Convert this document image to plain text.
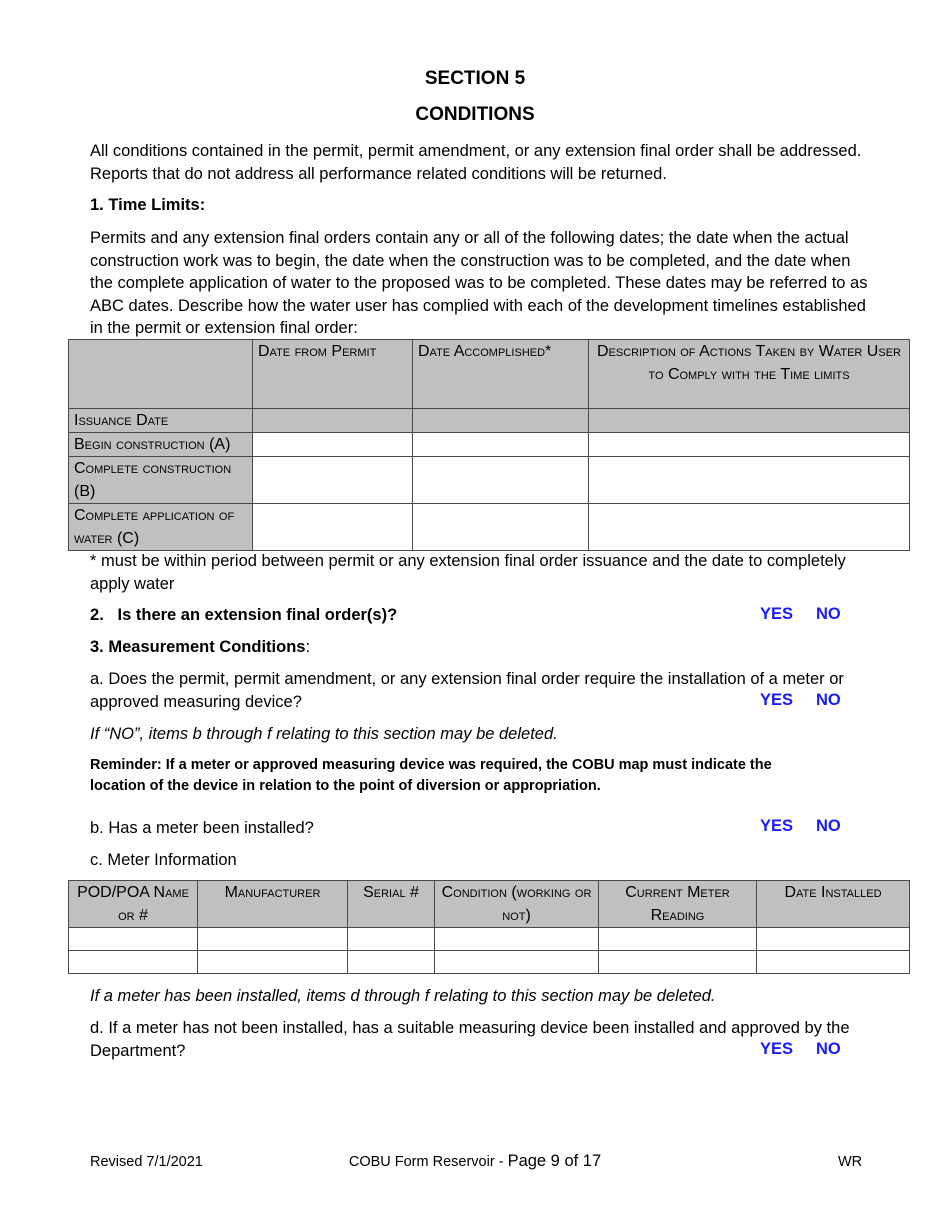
SECTION 5
CONDITIONS
All conditions contained in the permit, permit amendment, or any extension final order shall be addressed. Reports that do not address all performance related conditions will be returned.
1. Time Limits:
Permits and any extension final orders contain any or all of the following dates; the date when the actual construction work was to begin, the date when the construction was to be completed, and the date when the complete application of water to the proposed was to be completed. These dates may be referred to as ABC dates. Describe how the water user has complied with each of the development timelines established in the permit or extension final order:
	Date from Permit	Date Accomplished*	Description of Actions Taken by Water User to Comply with the Time limits
Issuance Date			
Begin construction (A)			
Complete construction (B)			
Complete application of water (C)			
* must be within period between permit or any extension final order issuance and the date to completely apply water
2.   Is there an extension final order(s)?	YES NO
3. Measurement Conditions:
a. Does the permit, permit amendment, or any extension final order require the installation of a meter or approved measuring device?	YES NO
If “NO”, items b through f relating to this section may be deleted.
Reminder: If a meter or approved measuring device was required, the COBU map must indicate the location of the device in relation to the point of diversion or appropriation.
b. Has a meter been installed?	YES NO
c. Meter Information
POD/POA Name or #	Manufacturer	Serial #	Condition (working or not)	Current Meter Reading	Date Installed

If a meter has been installed, items d through f relating to this section may be deleted.
d. If a meter has not been installed, has a suitable measuring device been installed and approved by the Department?	YES NO
Revised 7/1/2021	COBU Form Reservoir - Page 9 of 17	WR
